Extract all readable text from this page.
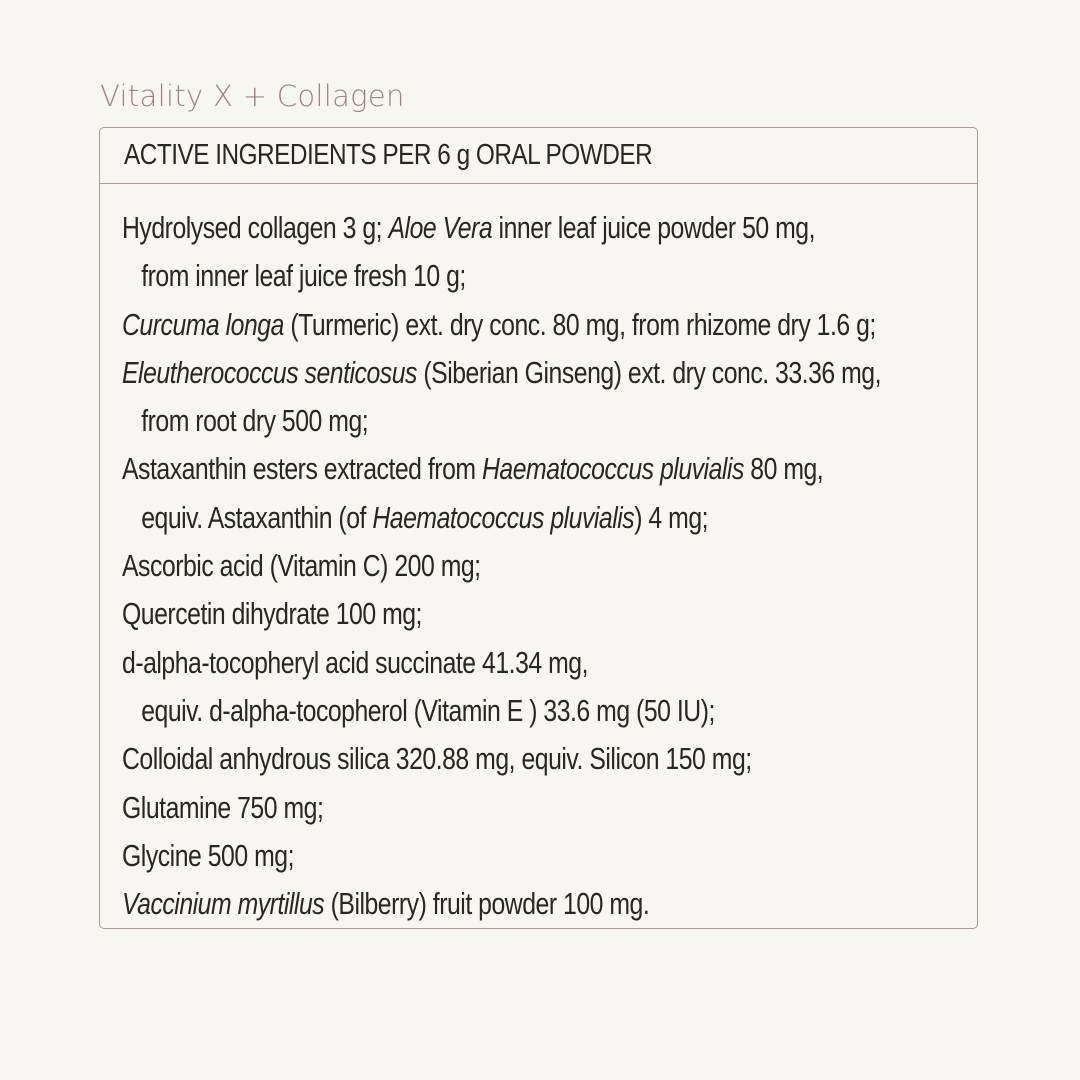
Vitality X + Collagen
ACTIVE INGREDIENTS PER 6 g ORAL POWDER
Hydrolysed collagen 3 g; Aloe Vera inner leaf juice powder 50 mg,
from inner leaf juice fresh 10 g;
Curcuma longa (Turmeric) ext. dry conc. 80 mg, from rhizome dry 1.6 g;
Eleutherococcus senticosus (Siberian Ginseng) ext. dry conc. 33.36 mg,
from root dry 500 mg;
Astaxanthin esters extracted from Haematococcus pluvialis 80 mg,
equiv. Astaxanthin (of Haematococcus pluvialis) 4 mg;
Ascorbic acid (Vitamin C) 200 mg;
Quercetin dihydrate 100 mg;
d-alpha-tocopheryl acid succinate 41.34 mg,
equiv. d-alpha-tocopherol (Vitamin E ) 33.6 mg (50 IU);
Colloidal anhydrous silica 320.88 mg, equiv. Silicon 150 mg;
Glutamine 750 mg;
Glycine 500 mg;
Vaccinium myrtillus (Bilberry) fruit powder 100 mg.
